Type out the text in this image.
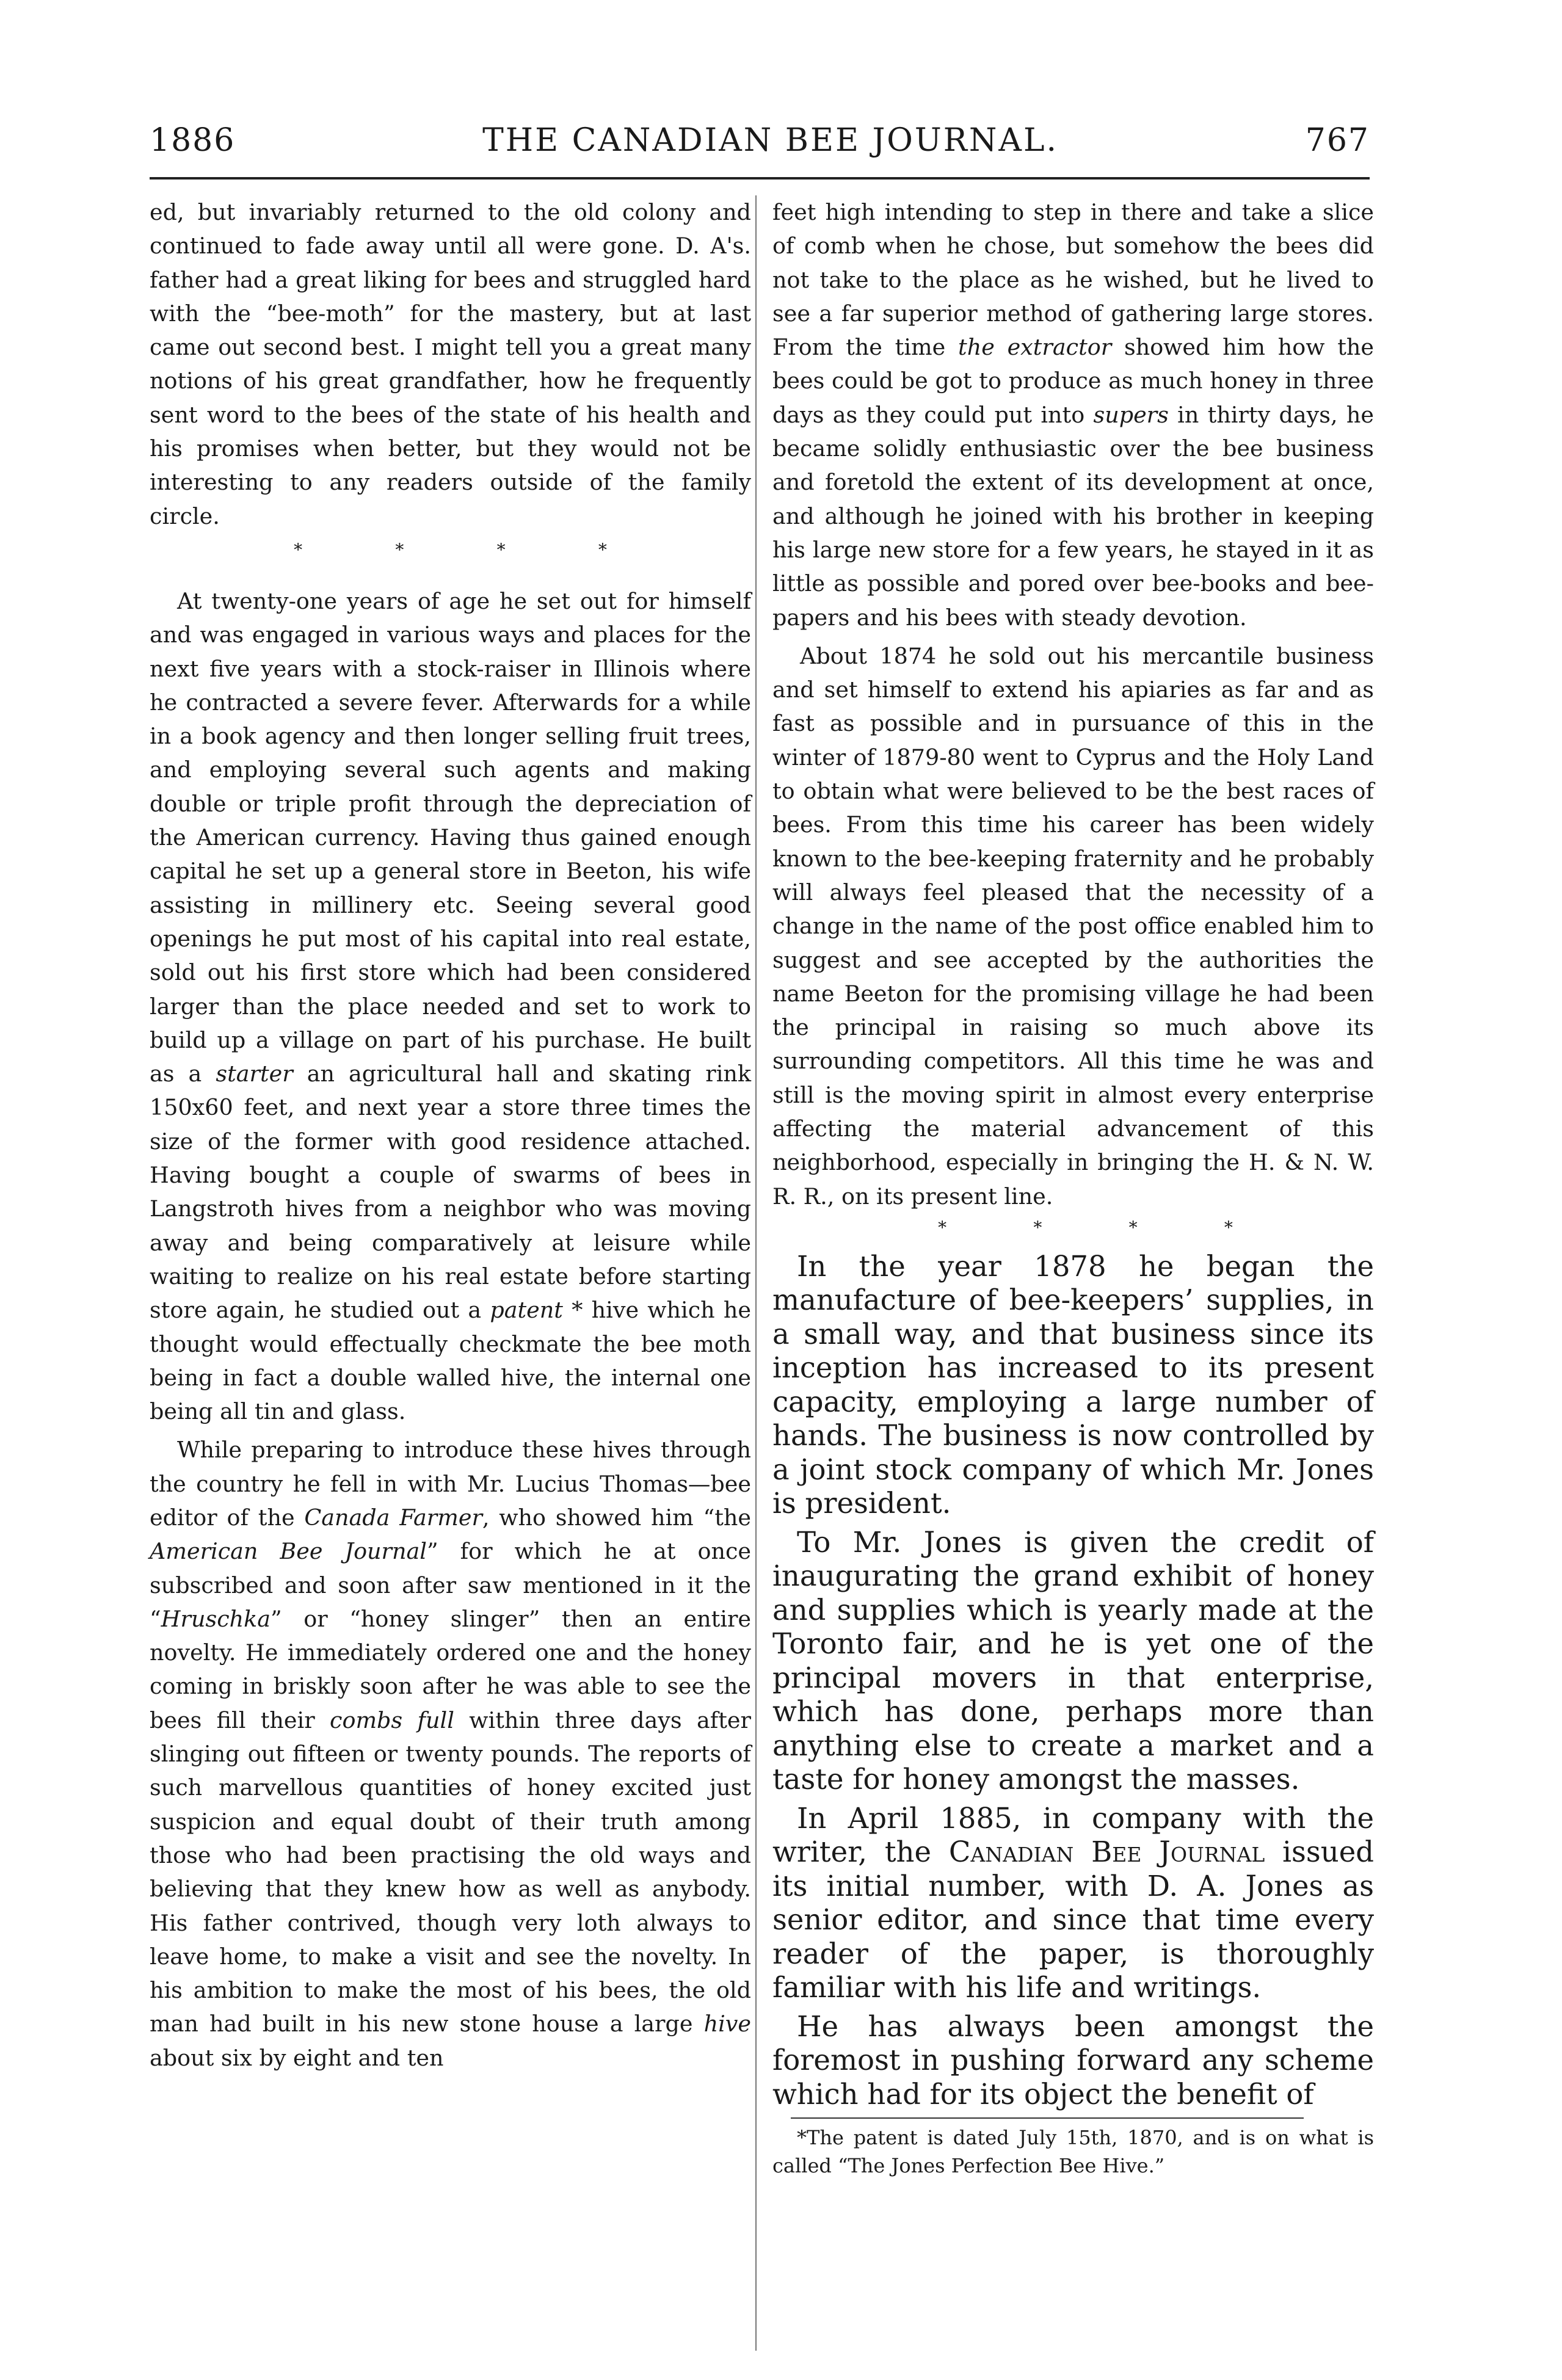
1886	THE CANADIAN BEE JOURNAL.	767

ed, but invariably returned to the old colony and continued to fade away until all were gone. D. A's. father had a great liking for bees and struggled hard with the “bee-moth” for the mastery, but at last came out second best. I might tell you a great many notions of his great grandfather, how he frequently sent word to the bees of the state of his health and his promises when better, but they would not be interesting to any readers outside of the family circle.

*	*	*	*

At twenty-one years of age he set out for himself and was engaged in various ways and places for the next five years with a stock-raiser in Illinois where he contracted a severe fever. Afterwards for a while in a book agency and then longer selling fruit trees, and employing several such agents and making double or triple profit through the depreciation of the American currency. Having thus gained enough capital he set up a general store in Beeton, his wife assisting in millinery etc. Seeing several good openings he put most of his capital into real estate, sold out his first store which had been considered larger than the place needed and set to work to build up a village on part of his purchase. He built as a starter an agricultural hall and skating rink 150x60 feet, and next year a store three times the size of the former with good residence attached. Having bought a couple of swarms of bees in Langstroth hives from a neighbor who was moving away and being comparatively at leisure while waiting to realize on his real estate before starting store again, he studied out a patent * hive which he thought would effectually checkmate the bee moth being in fact a double walled hive, the internal one being all tin and glass.

While preparing to introduce these hives through the country he fell in with Mr. Lucius Thomas—bee editor of the Canada Farmer, who showed him “the American Bee Journal” for which he at once subscribed and soon after saw mentioned in it the “Hruschka” or “honey slinger” then an entire novelty. He immediately ordered one and the honey coming in briskly soon after he was able to see the bees fill their combs full within three days after slinging out fifteen or twenty pounds. The reports of such marvellous quantities of honey excited just suspicion and equal doubt of their truth among those who had been practising the old ways and believing that they knew how as well as anybody. His father contrived, though very loth always to leave home, to make a visit and see the novelty. In his ambition to make the most of his bees, the old man had built in his new stone house a large hive about six by eight and ten

feet high intending to step in there and take a slice of comb when he chose, but somehow the bees did not take to the place as he wished, but he lived to see a far superior method of gathering large stores. From the time the extractor showed him how the bees could be got to produce as much honey in three days as they could put into supers in thirty days, he became solidly enthusiastic over the bee business and foretold the extent of its development at once, and although he joined with his brother in keeping his large new store for a few years, he stayed in it as little as possible and pored over bee-books and bee-papers and his bees with steady devotion.

About 1874 he sold out his mercantile business and set himself to extend his apiaries as far and as fast as possible and in pursuance of this in the winter of 1879-80 went to Cyprus and the Holy Land to obtain what were believed to be the best races of bees. From this time his career has been widely known to the bee-keeping fraternity and he probably will always feel pleased that the necessity of a change in the name of the post office enabled him to suggest and see accepted by the authorities the name Beeton for the promising village he had been the principal in raising so much above its surrounding competitors. All this time he was and still is the moving spirit in almost every enterprise affecting the material advancement of this neighborhood, especially in bringing the H. & N. W. R. R., on its present line.

*	*	*	*

In the year 1878 he began the manufacture of bee-keepers’ supplies, in a small way, and that business since its inception has increased to its present capacity, employing a large number of hands. The business is now controlled by a joint stock company of which Mr. Jones is president.

To Mr. Jones is given the credit of inaugurating the grand exhibit of honey and supplies which is yearly made at the Toronto fair, and he is yet one of the principal movers in that enterprise, which has done, perhaps more than anything else to create a market and a taste for honey amongst the masses.

In April 1885, in company with the writer, the Canadian Bee Journal issued its initial number, with D. A. Jones as senior editor, and since that time every reader of the paper, is thoroughly familiar with his life and writings.

He has always been amongst the foremost in pushing forward any scheme which had for its object the benefit of

*The patent is dated July 15th, 1870, and is on what is called “The Jones Perfection Bee Hive.”
